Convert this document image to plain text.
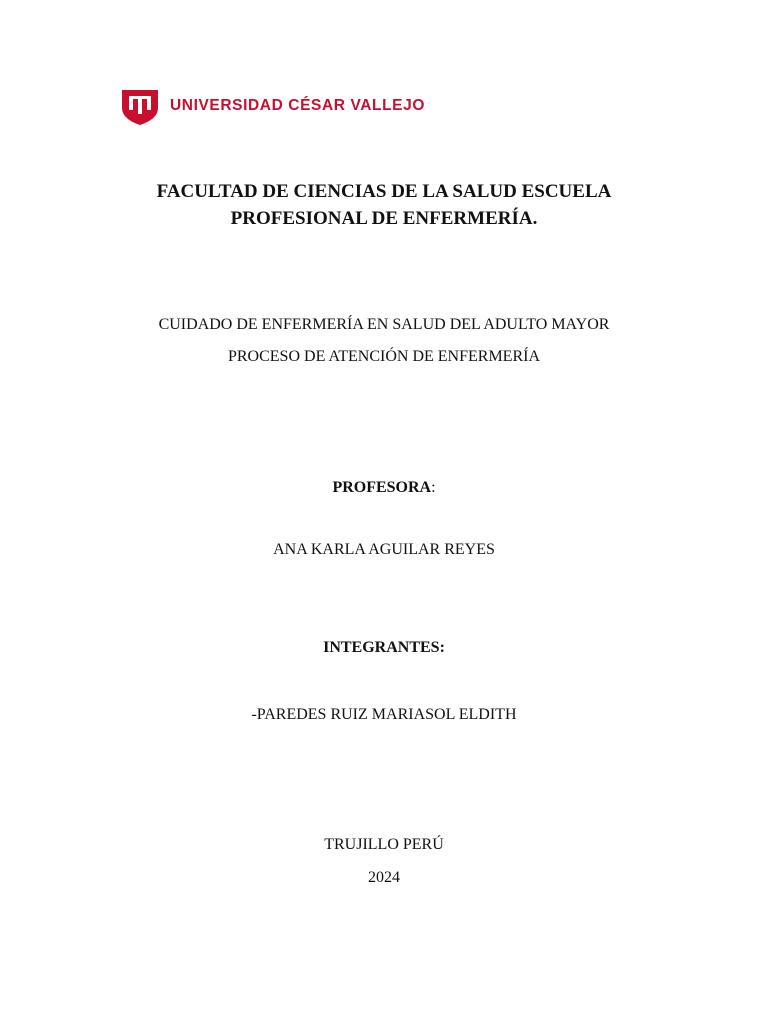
UNIVERSIDAD CÉSAR VALLEJO
FACULTAD DE CIENCIAS DE LA SALUD ESCUELA
PROFESIONAL DE ENFERMERÍA.
CUIDADO DE ENFERMERÍA EN SALUD DEL ADULTO MAYOR
PROCESO DE ATENCIÓN DE ENFERMERÍA
PROFESORA:
ANA KARLA AGUILAR REYES
INTEGRANTES:
-PAREDES RUIZ MARIASOL ELDITH
TRUJILLO PERÚ
2024
